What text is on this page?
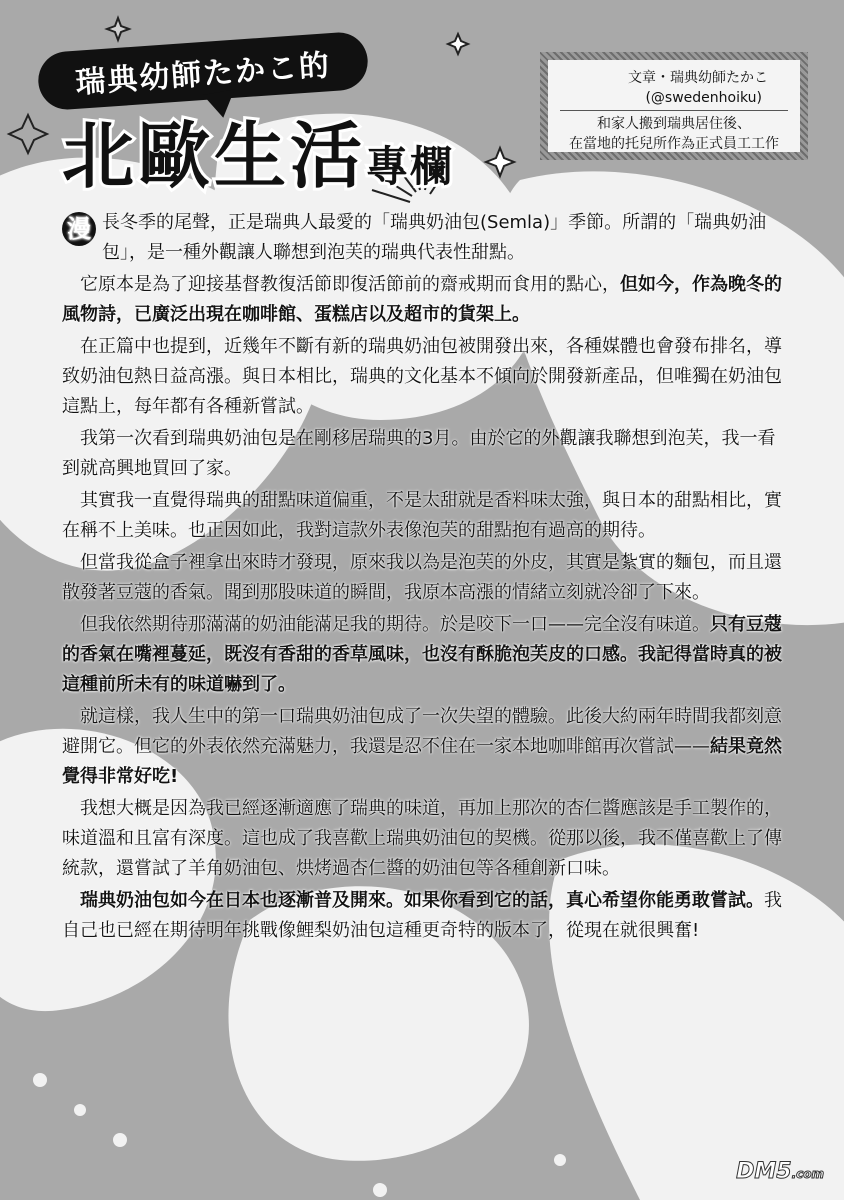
瑞典幼師たかこ的
北歐生活專欄
文章・瑞典幼師たかこ
(@swedenhoiku)
和家人搬到瑞典居住後、
在當地的托兒所作為正式員工工作

漫 長冬季的尾聲，正是瑞典人最愛的「瑞典奶油包(Semla)」季節。所謂的「瑞典奶油包」，是一種外觀讓人聯想到泡芙的瑞典代表性甜點。

它原本是為了迎接基督教復活節即復活節前的齋戒期而食用的點心，但如今，作為晚冬的風物詩，已廣泛出現在咖啡館、蛋糕店以及超市的貨架上。

在正篇中也提到，近幾年不斷有新的瑞典奶油包被開發出來，各種媒體也會發布排名，導致奶油包熱日益高漲。與日本相比，瑞典的文化基本不傾向於開發新產品，但唯獨在奶油包這點上，每年都有各種新嘗試。

我第一次看到瑞典奶油包是在剛移居瑞典的3月。由於它的外觀讓我聯想到泡芙，我一看到就高興地買回了家。

其實我一直覺得瑞典的甜點味道偏重，不是太甜就是香料味太強，與日本的甜點相比，實在稱不上美味。也正因如此，我對這款外表像泡芙的甜點抱有過高的期待。

但當我從盒子裡拿出來時才發現，原來我以為是泡芙的外皮，其實是紮實的麵包，而且還散發著豆蔻的香氣。聞到那股味道的瞬間，我原本高漲的情緒立刻就冷卻了下來。

但我依然期待那滿滿的奶油能滿足我的期待。於是咬下一口——完全沒有味道。只有豆蔻的香氣在嘴裡蔓延，既沒有香甜的香草風味，也沒有酥脆泡芙皮的口感。我記得當時真的被這種前所未有的味道嚇到了。

就這樣，我人生中的第一口瑞典奶油包成了一次失望的體驗。此後大約兩年時間我都刻意避開它。但它的外表依然充滿魅力，我還是忍不住在一家本地咖啡館再次嘗試——結果竟然覺得非常好吃!

我想大概是因為我已經逐漸適應了瑞典的味道，再加上那次的杏仁醬應該是手工製作的，味道溫和且富有深度。這也成了我喜歡上瑞典奶油包的契機。從那以後，我不僅喜歡上了傳統款，還嘗試了羊角奶油包、烘烤過杏仁醬的奶油包等各種創新口味。

瑞典奶油包如今在日本也逐漸普及開來。如果你看到它的話，真心希望你能勇敢嘗試。我自己也已經在期待明年挑戰像鯉梨奶油包這種更奇特的版本了，從現在就很興奮!

DM5.com
